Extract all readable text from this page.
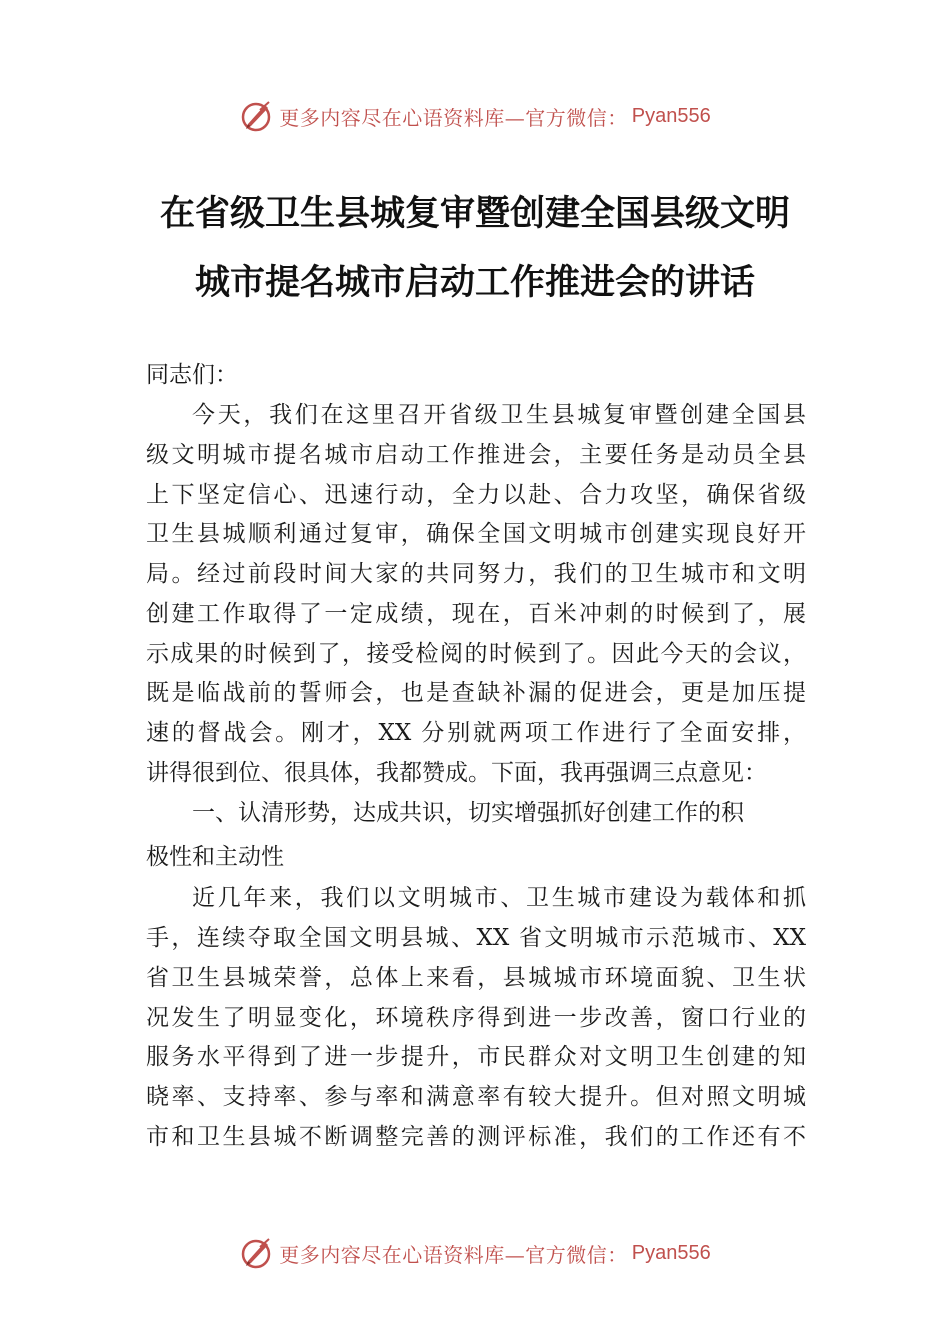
更多内容尽在心语资料库—官方微信： Pyan556
在省级卫生县城复审暨创建全国县级文明
城市提名城市启动工作推进会的讲话
同志们：
今天，我们在这里召开省级卫生县城复审暨创建全国县
级文明城市提名城市启动工作推进会，主要任务是动员全县
上下坚定信心、迅速行动，全力以赴、合力攻坚，确保省级
卫生县城顺利通过复审，确保全国文明城市创建实现良好开
局。经过前段时间大家的共同努力，我们的卫生城市和文明
创建工作取得了一定成绩，现在，百米冲刺的时候到了，展
示成果的时候到了，接受检阅的时候到了。因此今天的会议，
既是临战前的誓师会，也是查缺补漏的促进会，更是加压提
速的督战会。刚才，XX 分别就两项工作进行了全面安排，
讲得很到位、很具体，我都赞成。下面，我再强调三点意见：
一、认清形势，达成共识，切实增强抓好创建工作的积
极性和主动性
近几年来，我们以文明城市、卫生城市建设为载体和抓
手，连续夺取全国文明县城、XX 省文明城市示范城市、XX
省卫生县城荣誉，总体上来看，县城城市环境面貌、卫生状
况发生了明显变化，环境秩序得到进一步改善，窗口行业的
服务水平得到了进一步提升，市民群众对文明卫生创建的知
晓率、支持率、参与率和满意率有较大提升。但对照文明城
市和卫生县城不断调整完善的测评标准，我们的工作还有不
更多内容尽在心语资料库—官方微信： Pyan556
